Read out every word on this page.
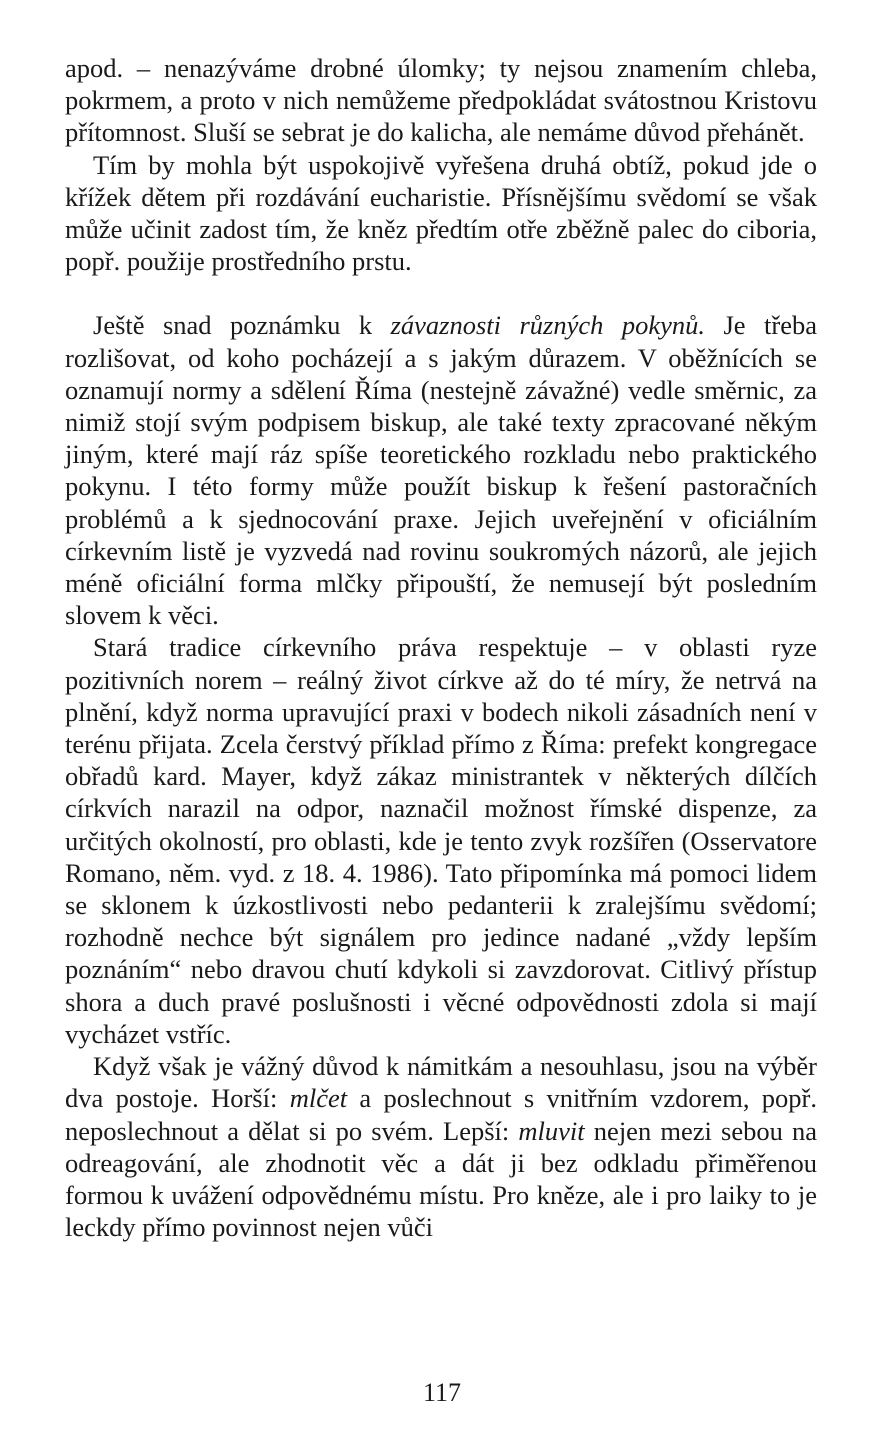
apod. – nenazýváme drobné úlomky; ty nejsou znamením chleba, pokrmem, a proto v nich nemůžeme předpokládat svátostnou Kristovu přítomnost. Sluší se sebrat je do kalicha, ale nemáme důvod přehánět.

Tím by mohla být uspokojivě vyřešena druhá obtíž, pokud jde o křížek dětem při rozdávání eucharistie. Přísnějšímu svědomí se však může učinit zadost tím, že kněz předtím otře zběžně palec do ciboria, popř. použije prostředního prstu.

Ještě snad poznámku k závaznosti různých pokynů. Je třeba rozlišovat, od koho pocházejí a s jakým důrazem. V oběžnících se oznamují normy a sdělení Říma (nestejně závažné) vedle směrnic, za nimiž stojí svým podpisem biskup, ale také texty zpracované někým jiným, které mají ráz spíše teoretického rozkladu nebo praktického pokynu. I této formy může použít biskup k řešení pastoračních problémů a k sjednocování praxe. Jejich uveřejnění v oficiálním církevním listě je vyzvedá nad rovinu soukromých názorů, ale jejich méně oficiální forma mlčky připouští, že nemusejí být posledním slovem k věci.

Stará tradice církevního práva respektuje – v oblasti ryze pozitivních norem – reálný život církve až do té míry, že netrvá na plnění, když norma upravující praxi v bodech nikoli zásadních není v terénu přijata. Zcela čerstvý příklad přímo z Říma: prefekt kongregace obřadů kard. Mayer, když zákaz ministrantek v některých dílčích církvích narazil na odpor, naznačil možnost římské dispenze, za určitých okolností, pro oblasti, kde je tento zvyk rozšířen (Osservatore Romano, něm. vyd. z 18. 4. 1986). Tato připomínka má pomoci lidem se sklonem k úzkostlivosti nebo pedanterii k zralejšímu svědomí; rozhodně nechce být signálem pro jedince nadané „vždy lepším poznáním“ nebo dravou chutí kdykoli si zavzdorovat. Citlivý přístup shora a duch pravé poslušnosti i věcné odpovědnosti zdola si mají vycházet vstříc.

Když však je vážný důvod k námitkám a nesouhlasu, jsou na výběr dva postoje. Horší: mlčet a poslechnout s vnitřním vzdorem, popř. neposlechnout a dělat si po svém. Lepší: mluvit nejen mezi sebou na odreagování, ale zhodnotit věc a dát ji bez odkladu přiměřenou formou k uvážení odpovědnému místu. Pro kněze, ale i pro laiky to je leckdy přímo povinnost nejen vůči

117
